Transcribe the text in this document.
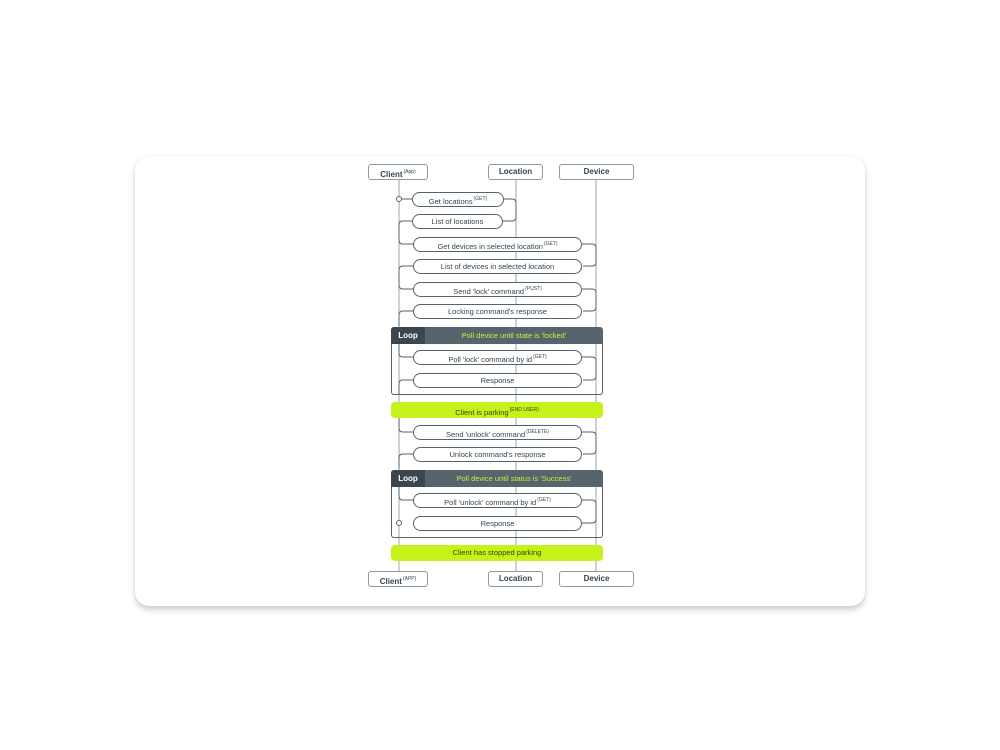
Client$^{(App)}$	Location	Device
Get locations$^{(GET)}$
List of locations
Get devices in selected location$^{(GET)}$
List of devices in selected location
Send 'lock' command$^{(PUST)}$
Locking command's response
Loop	Poll device until state is 'locked'
Poll 'lock' command by $id^{(GET)}$
Response
Client is parking$^{(END USER)}$
Send 'unlock' command$^{(DELETE)}$
Unlock command's response
Loop	Poll device until status is 'Success'
Poll 'unlock' command by $id^{(GET)}$
Response
Client has stopped parking
Client$^{(APP)}$	Location	Device
